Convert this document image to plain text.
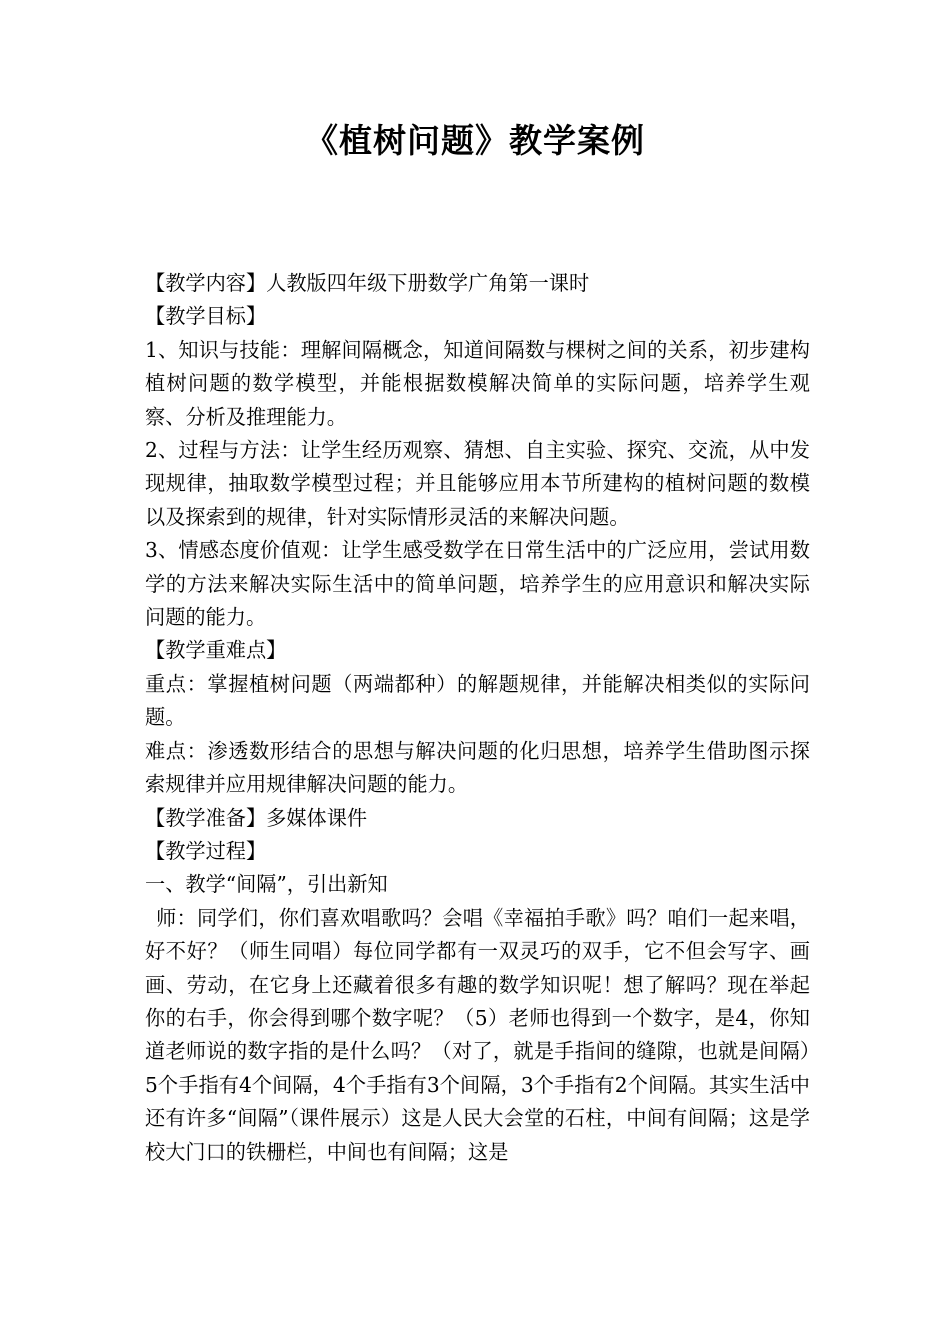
《植树问题》教学案例

【教学内容】人教版四年级下册数学广角第一课时

【教学目标】

1、知识与技能：理解间隔概念，知道间隔数与棵树之间的关系，初步建构植树问题的数学模型，并能根据数模解决简单的实际问题，培养学生观察、分析及推理能力。

2、过程与方法：让学生经历观察、猜想、自主实验、探究、交流，从中发现规律，抽取数学模型过程；并且能够应用本节所建构的植树问题的数模以及探索到的规律，针对实际情形灵活的来解决问题。

3、情感态度价值观：让学生感受数学在日常生活中的广泛应用，尝试用数学的方法来解决实际生活中的简单问题，培养学生的应用意识和解决实际问题的能力。

【教学重难点】

重点：掌握植树问题（两端都种）的解题规律，并能解决相类似的实际问题。

难点：渗透数形结合的思想与解决问题的化归思想，培养学生借助图示探索规律并应用规律解决问题的能力。

【教学准备】多媒体课件

【教学过程】

一、教学“间隔”，引出新知

师：同学们，你们喜欢唱歌吗？会唱《幸福拍手歌》吗？咱们一起来唱，好不好？（师生同唱）每位同学都有一双灵巧的双手，它不但会写字、画画、劳动，在它身上还藏着很多有趣的数学知识呢！想了解吗？现在举起你的右手，你会得到哪个数字呢？（5）老师也得到一个数字，是4，你知道老师说的数字指的是什么吗？（对了，就是手指间的缝隙，也就是间隔）5个手指有4个间隔，4个手指有3个间隔，3个手指有2个间隔。其实生活中还有许多“间隔”（课件展示）这是人民大会堂的石柱，中间有间隔；这是学校大门口的铁栅栏，中间也有间隔；这是
